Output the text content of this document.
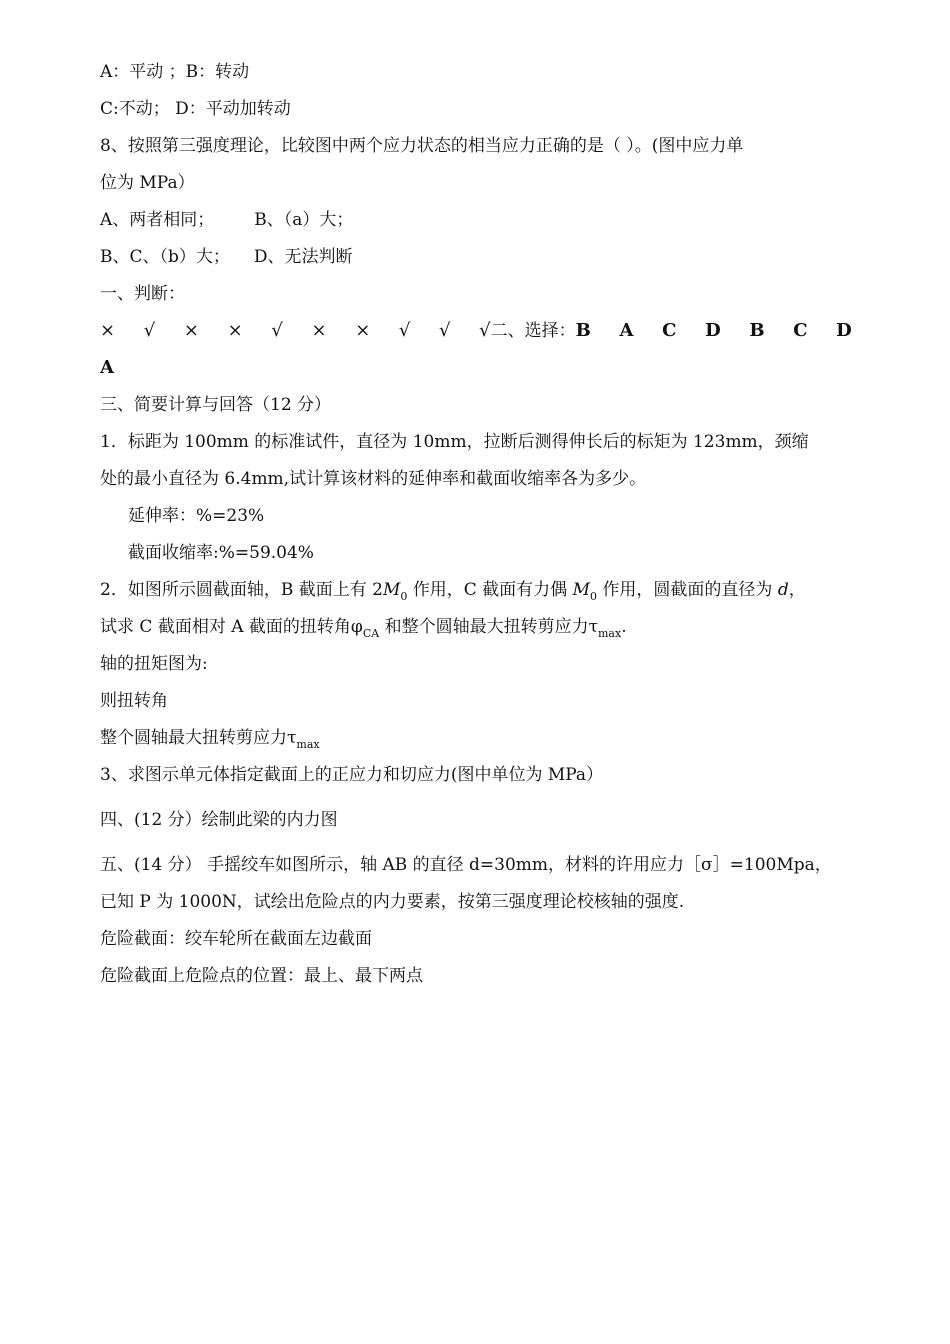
A：平动 ；B：转动
C:不动； D：平动加转动
8、按照第三强度理论，比较图中两个应力状态的相当应力正确的是（ ）。(图中应力单
位为 MPa）
A、两者相同； B、（a）大；
B、C、（b）大； D、无法判断
一、判断：
× √ × × √ × × √ √ √二、选择：B A C D B C D
A
三、简要计算与回答（12 分）
1．标距为 100mm 的标准试件，直径为 10mm，拉断后测得伸长后的标矩为 123mm，颈缩
处的最小直径为 6.4mm,试计算该材料的延伸率和截面收缩率各为多少。
延伸率：%=23%
截面收缩率:%=59.04%
2．如图所示圆截面轴，B 截面上有 $2M_0$ 作用，C 截面有力偶 $M_0$ 作用，圆截面的直径为 d，
试求 C 截面相对 A 截面的扭转角$\varphi_{CA}$ 和整个圆轴最大扭转剪应力$\tau_{max}$.
轴的扭矩图为:
则扭转角
整个圆轴最大扭转剪应力$\tau_{max}$
3、求图示单元体指定截面上的正应力和切应力(图中单位为 MPa）
四、(12 分）绘制此梁的内力图
五、(14 分） 手摇绞车如图所示，轴 AB 的直径 d=30mm，材料的许用应力［σ］=100Mpa，
已知 P 为 1000N，试绘出危险点的内力要素，按第三强度理论校核轴的强度.
危险截面：绞车轮所在截面左边截面
危险截面上危险点的位置：最上、最下两点
